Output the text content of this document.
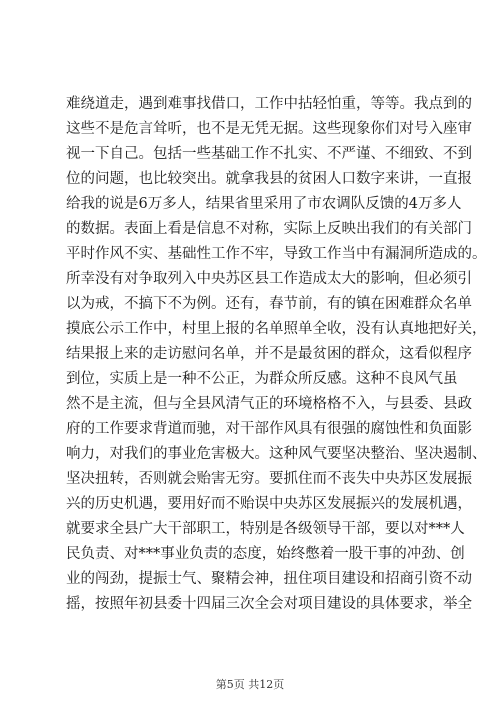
难绕道走，遇到难事找借口，工作中拈轻怕重，等等。我点到的
这些不是危言耸听，也不是无凭无据。这些现象你们对号入座审
视一下自己。包括一些基础工作不扎实、不严谨、不细致、不到
位的问题，也比较突出。就拿我县的贫困人口数字来讲，一直报
给我的说是6万多人，结果省里采用了市农调队反馈的4万多人
的数据。表面上看是信息不对称，实际上反映出我们的有关部门
平时作风不实、基础性工作不牢，导致工作当中有漏洞所造成的。
所幸没有对争取列入中央苏区县工作造成太大的影响，但必须引
以为戒，不搞下不为例。还有，春节前，有的镇在困难群众名单
摸底公示工作中，村里上报的名单照单全收，没有认真地把好关，
结果报上来的走访慰问名单，并不是最贫困的群众，这看似程序
到位，实质上是一种不公正，为群众所反感。这种不良风气虽
然不是主流，但与全县风清气正的环境格格不入，与县委、县政
府的工作要求背道而驰，对干部作风具有很强的腐蚀性和负面影
响力，对我们的事业危害极大。这种风气要坚决整治、坚决遏制、
坚决扭转，否则就会贻害无穷。要抓住而不丧失中央苏区发展振
兴的历史机遇，要用好而不贻误中央苏区发展振兴的发展机遇，
就要求全县广大干部职工，特别是各级领导干部，要以对***人
民负责、对***事业负责的态度，始终憋着一股干事的冲劲、创
业的闯劲，提振士气、聚精会神，扭住项目建设和招商引资不动
摇，按照年初县委十四届三次全会对项目建设的具体要求，举全
第5页 共12页
